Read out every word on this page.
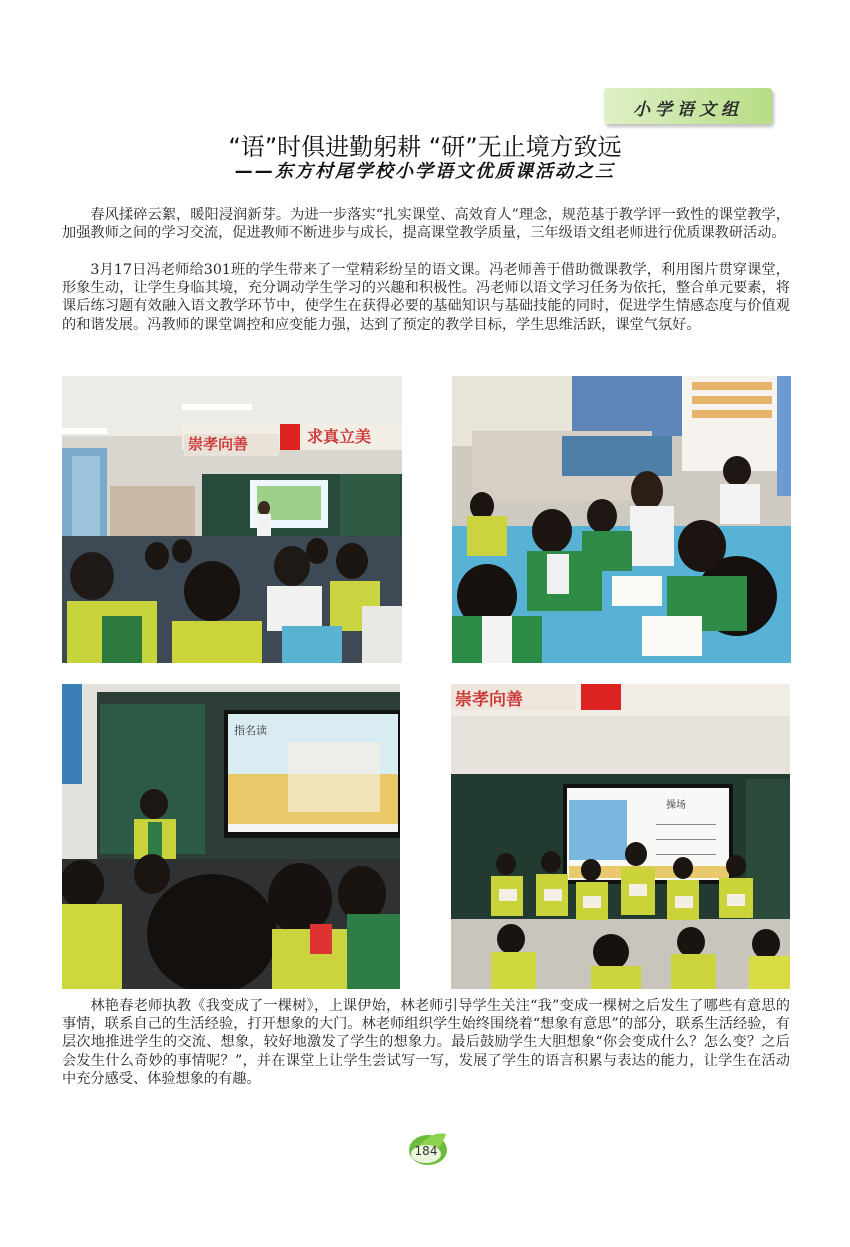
小学语文组
“语”时俱进勤躬耕 “研”无止境方致远
——东方村尾学校小学语文优质课活动之三

春风揉碎云絮，暖阳浸润新芽。为进一步落实“扎实课堂、高效育人”理念，规范基于教学评一致性的课堂教学，加强教师之间的学习交流，促进教师不断进步与成长，提高课堂教学质量，三年级语文组老师进行优质课教研活动。

3月17日冯老师给301班的学生带来了一堂精彩纷呈的语文课。冯老师善于借助微课教学，利用图片贯穿课堂，形象生动，让学生身临其境，充分调动学生学习的兴趣和积极性。冯老师以语文学习任务为依托，整合单元要素，将课后练习题有效融入语文教学环节中，使学生在获得必要的基础知识与基础技能的同时，促进学生情感态度与价值观的和谐发展。冯教师的课堂调控和应变能力强，达到了预定的教学目标，学生思维活跃，课堂气氛好。

崇孝向善	求真立美
指名读
崇孝向善
操场

林艳春老师执教《我变成了一棵树》，上课伊始，林老师引导学生关注“我”变成一棵树之后发生了哪些有意思的事情，联系自己的生活经验，打开想象的大门。林老师组织学生始终围绕着“想象有意思”的部分，联系生活经验，有层次地推进学生的交流、想象，较好地激发了学生的想象力。最后鼓励学生大胆想象“你会变成什么？怎么变？之后会发生什么奇妙的事情呢？”，并在课堂上让学生尝试写一写，发展了学生的语言积累与表达的能力，让学生在活动中充分感受、体验想象的有趣。

184
